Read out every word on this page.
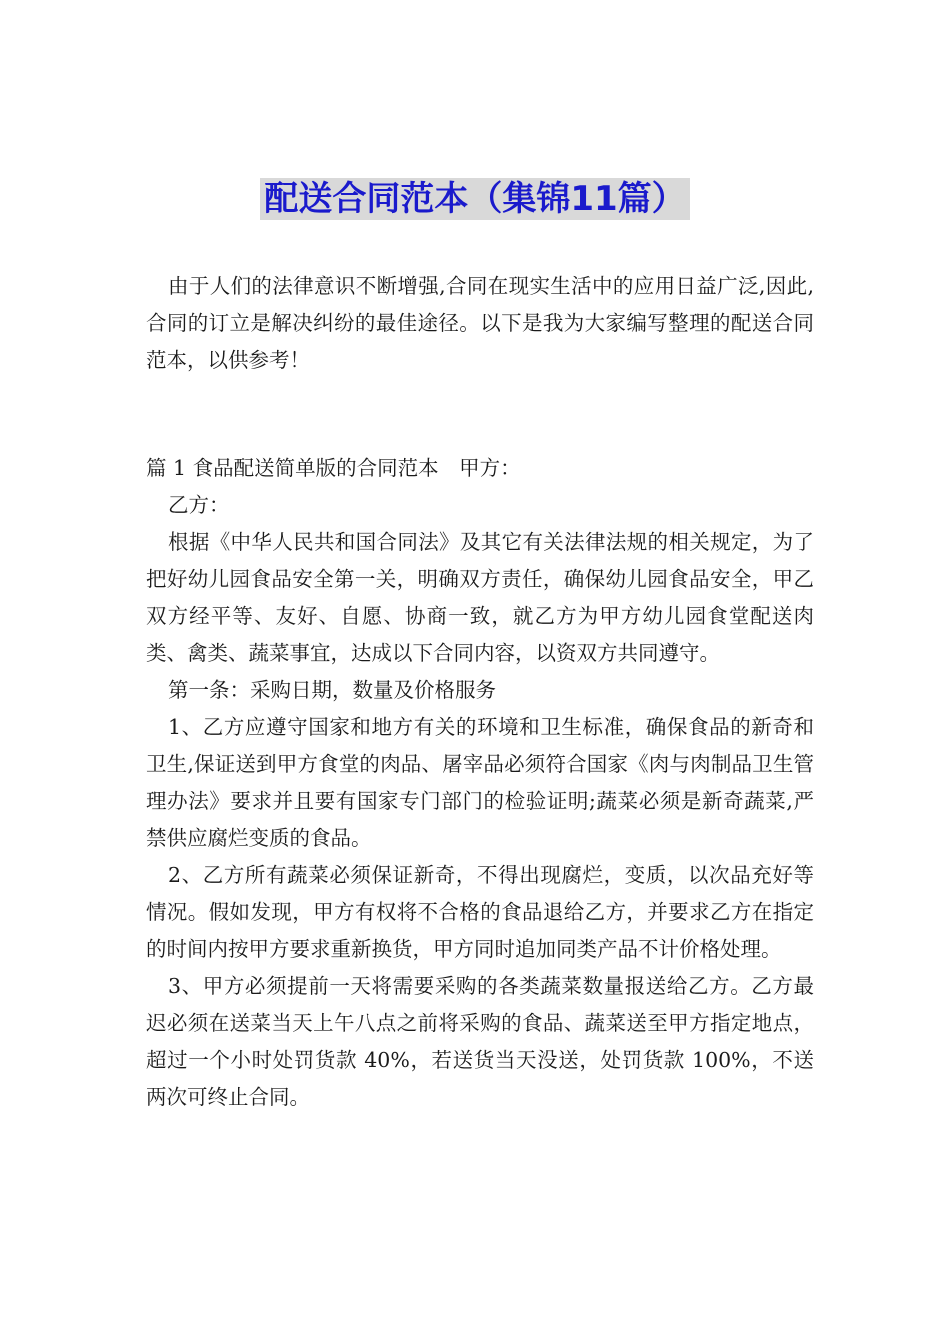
配送合同范本（集锦11篇）

由于人们的法律意识不断增强,合同在现实生活中的应用日益广泛,因此,合同的订立是解决纠纷的最佳途径。以下是我为大家编写整理的配送合同范本，以供参考！

篇 1 食品配送简单版的合同范本　甲方：

乙方：

根据《中华人民共和国合同法》及其它有关法律法规的相关规定，为了把好幼儿园食品安全第一关，明确双方责任，确保幼儿园食品安全，甲乙双方经平等、友好、自愿、协商一致，就乙方为甲方幼儿园食堂配送肉类、禽类、蔬菜事宜，达成以下合同内容，以资双方共同遵守。

第一条：采购日期，数量及价格服务

1、乙方应遵守国家和地方有关的环境和卫生标准，确保食品的新奇和卫生,保证送到甲方食堂的肉品、屠宰品必须符合国家《肉与肉制品卫生管理办法》要求并且要有国家专门部门的检验证明;蔬菜必须是新奇蔬菜,严禁供应腐烂变质的食品。

2、乙方所有蔬菜必须保证新奇，不得出现腐烂，变质，以次品充好等情况。假如发现，甲方有权将不合格的食品退给乙方，并要求乙方在指定的时间内按甲方要求重新换货，甲方同时追加同类产品不计价格处理。

3、甲方必须提前一天将需要采购的各类蔬菜数量报送给乙方。乙方最迟必须在送菜当天上午八点之前将采购的食品、蔬菜送至甲方指定地点，超过一个小时处罚货款 40%，若送货当天没送，处罚货款 100%，不送两次可终止合同。
